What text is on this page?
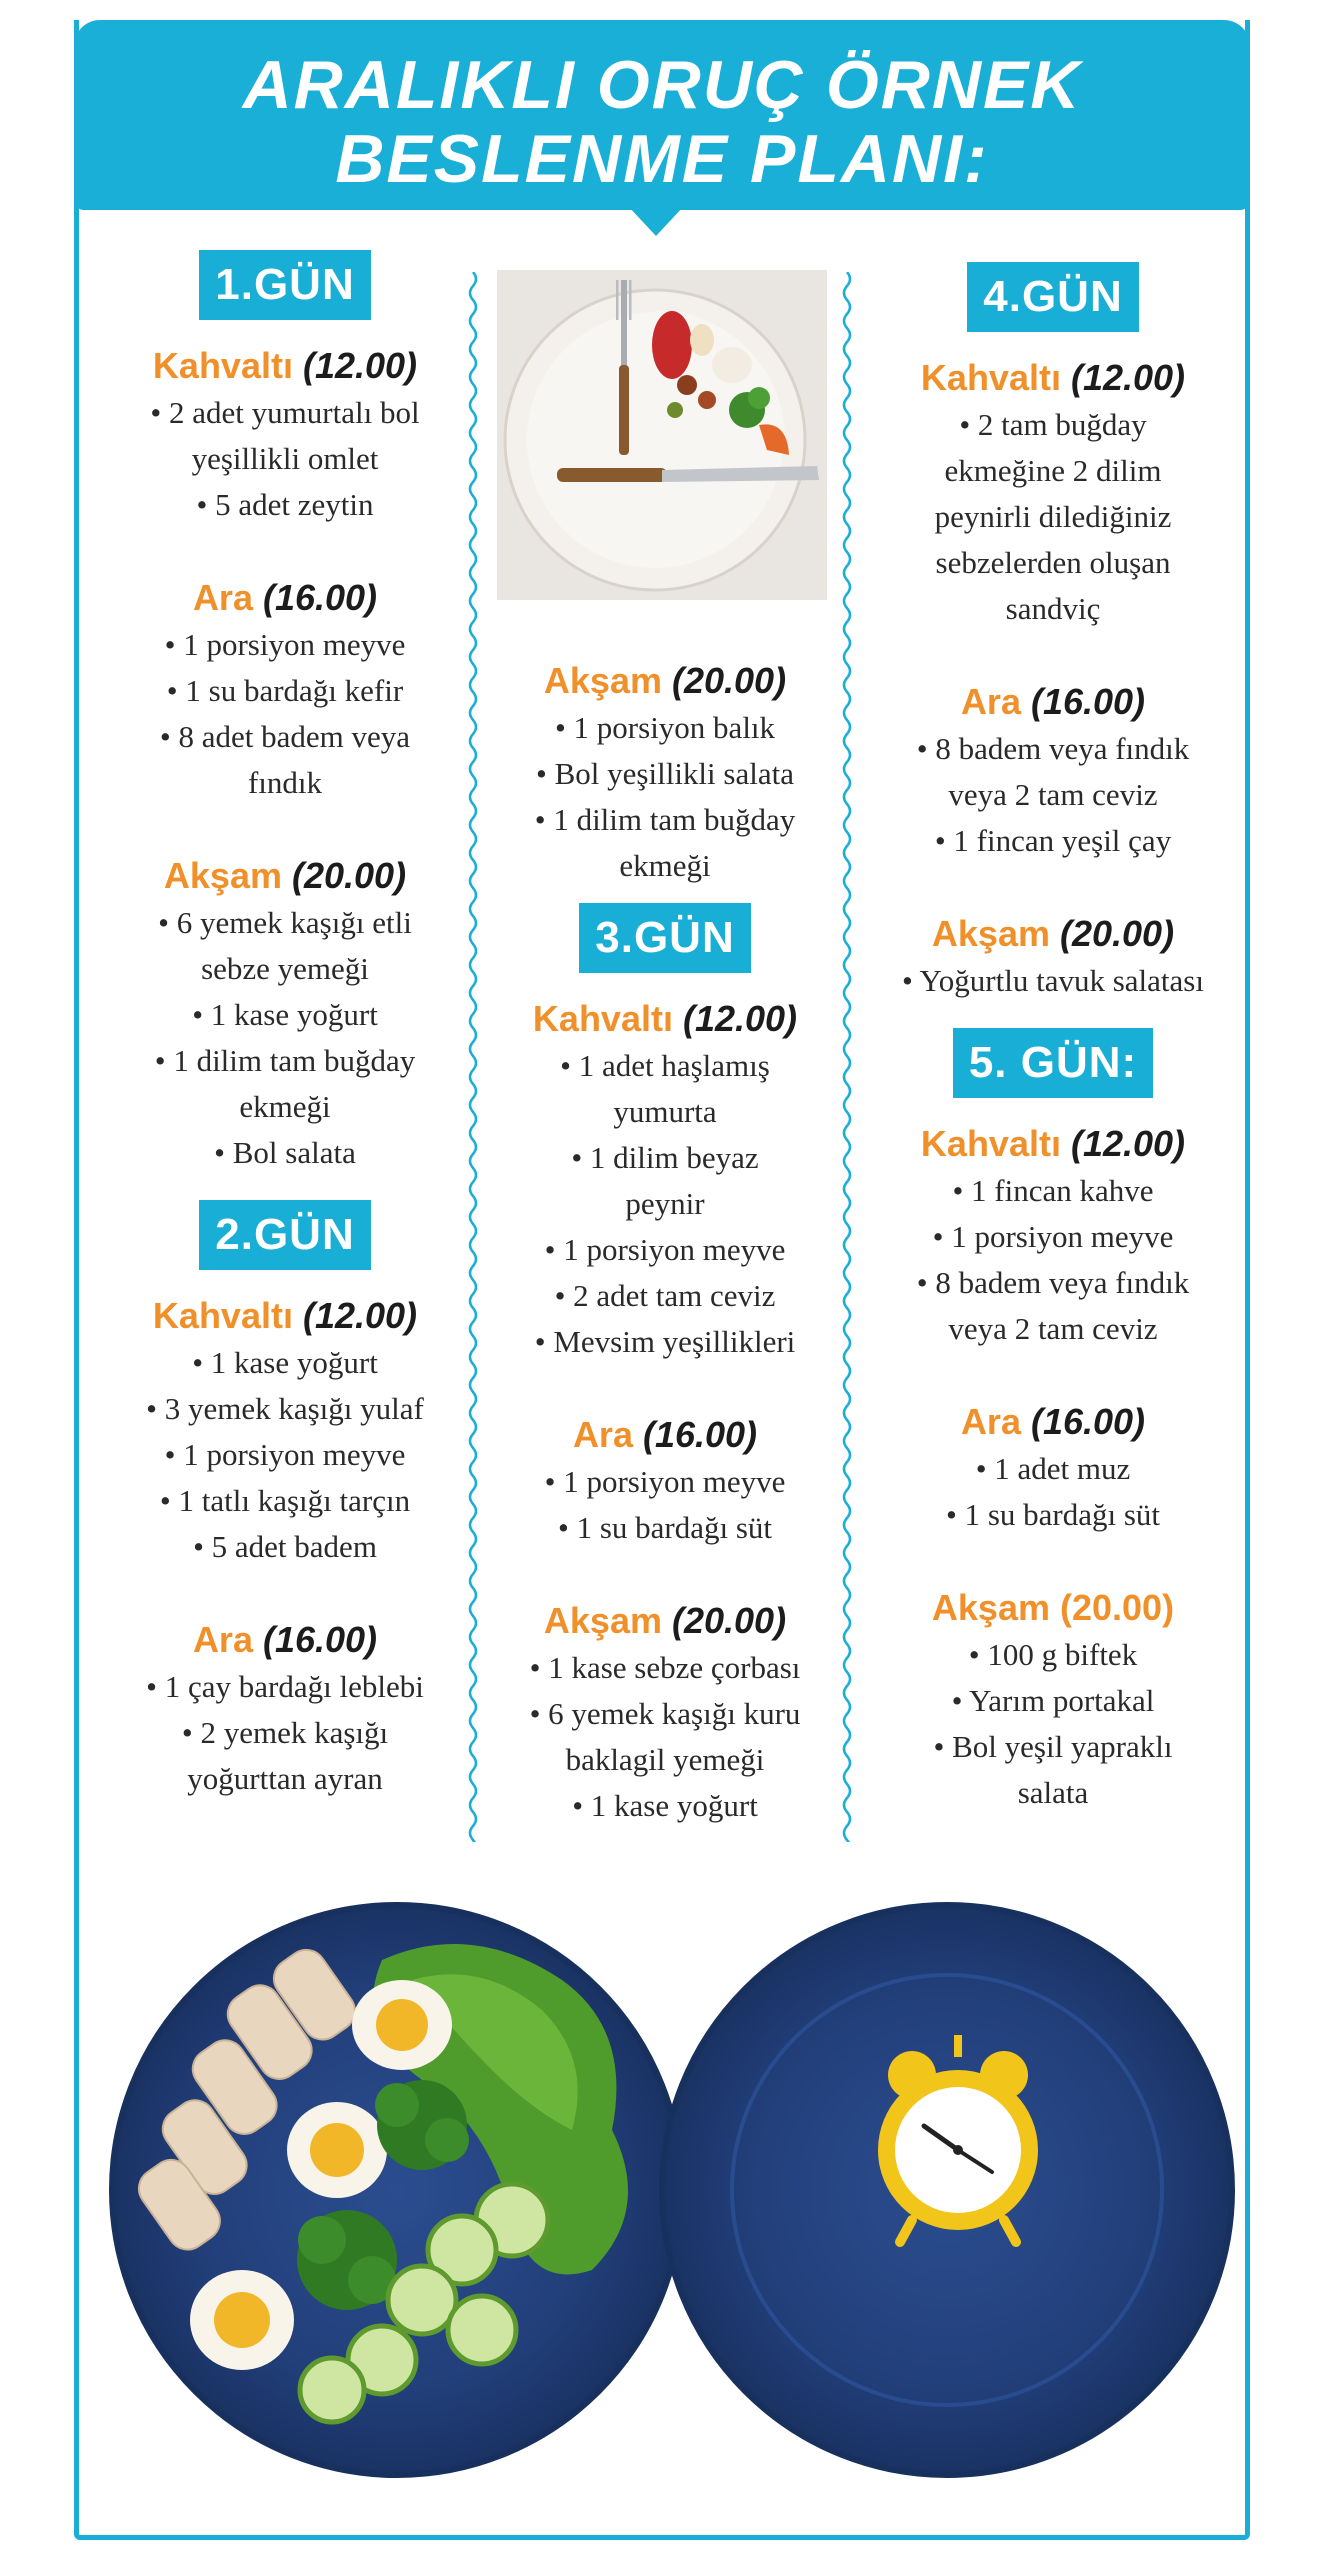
ARALIKLI ORUÇ ÖRNEK
BESLENME PLANI:
1.GÜN
Kahvaltı (12.00)
• 2 adet yumurtalı bol
yeşillikli omlet
• 5 adet zeytin
Ara (16.00)
• 1 porsiyon meyve
• 1 su bardağı kefir
• 8 adet badem veya
fındık
Akşam (20.00)
• 6 yemek kaşığı etli
sebze yemeği
• 1 kase yoğurt
• 1 dilim tam buğday
ekmeği
• Bol salata
2.GÜN
Kahvaltı (12.00)
• 1 kase yoğurt
• 3 yemek kaşığı yulaf
• 1 porsiyon meyve
• 1 tatlı kaşığı tarçın
• 5 adet badem
Ara (16.00)
• 1 çay bardağı leblebi
• 2 yemek kaşığı
yoğurttan ayran
Akşam (20.00)
• 1 porsiyon balık
• Bol yeşillikli salata
• 1 dilim tam buğday
ekmeği
3.GÜN
Kahvaltı (12.00)
• 1 adet haşlamış
yumurta
• 1 dilim beyaz
peynir
• 1 porsiyon meyve
• 2 adet tam ceviz
• Mevsim yeşillikleri
Ara (16.00)
• 1 porsiyon meyve
• 1 su bardağı süt
Akşam (20.00)
• 1 kase sebze çorbası
• 6 yemek kaşığı kuru
baklagil yemeği
• 1 kase yoğurt
4.GÜN
Kahvaltı (12.00)
• 2 tam buğday
ekmeğine 2 dilim
peynirli dilediğiniz
sebzelerden oluşan
sandviç
Ara (16.00)
• 8 badem veya fındık
veya 2 tam ceviz
• 1 fincan yeşil çay
Akşam (20.00)
• Yoğurtlu tavuk salatası
5. GÜN:
Kahvaltı (12.00)
• 1 fincan kahve
• 1 porsiyon meyve
• 8 badem veya fındık
veya 2 tam ceviz
Ara (16.00)
• 1 adet muz
• 1 su bardağı süt
Akşam (20.00)
• 100 g biftek
• Yarım portakal
• Bol yeşil yapraklı
salata
